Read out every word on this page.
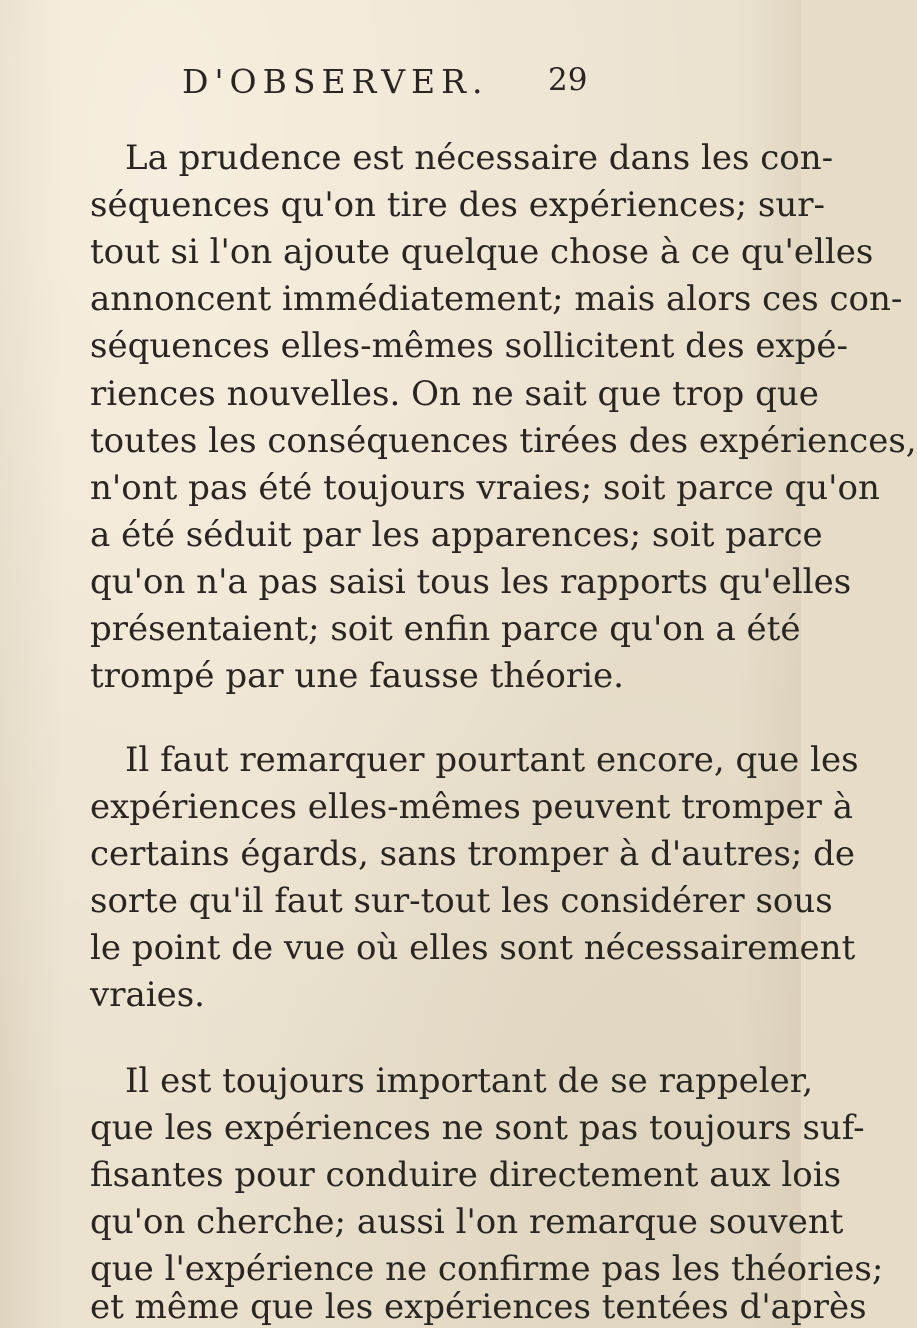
D'OBSERVER. 29
La prudence est nécessaire dans les con-
séquences qu'on tire des expériences; sur-
tout si l'on ajoute quelque chose à ce qu'elles
annoncent immédiatement; mais alors ces con-
séquences elles-mêmes sollicitent des expé-
riences nouvelles. On ne sait que trop que
toutes les conséquences tirées des expériences,
n'ont pas été toujours vraies; soit parce qu'on
a été séduit par les apparences; soit parce
qu'on n'a pas saisi tous les rapports qu'elles
présentaient; soit enfin parce qu'on a été
trompé par une fausse théorie.
Il faut remarquer pourtant encore, que les
expériences elles-mêmes peuvent tromper à
certains égards, sans tromper à d'autres; de
sorte qu'il faut sur-tout les considérer sous
le point de vue où elles sont nécessairement
vraies.
Il est toujours important de se rappeler,
que les expériences ne sont pas toujours suf-
fisantes pour conduire directement aux lois
qu'on cherche; aussi l'on remarque souvent
que l'expérience ne confirme pas les théories;
et même que les expériences tentées d'après
